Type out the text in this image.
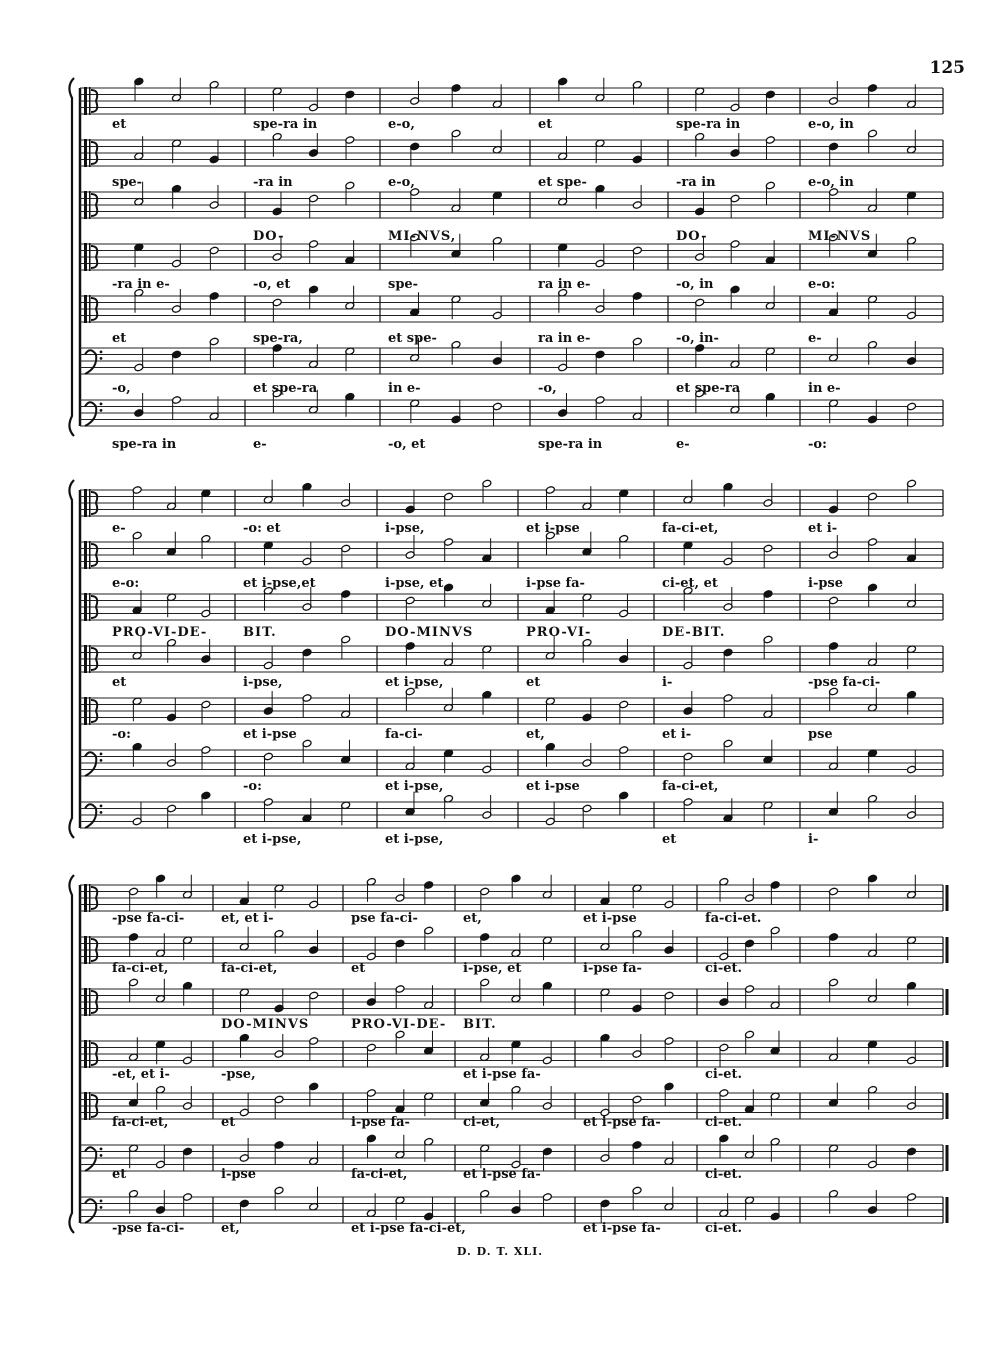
125
et	spe-ra in	e-o,	et	spe-ra in	e-o, in
spe-	-ra in	e-o,	et spe-	-ra in	e-o, in
DO-	MI-NVS,	DO-	MI-NVS
-ra in e-	-o, et	spe-	ra in e-	-o, in	e-o:
et	spe-ra,	et spe-	ra in e-	-o, in-	e-
-o,	et spe-ra	in e-	-o,	et spe-ra	in e-
spe-ra in	e-	-o, et	spe-ra in	e-	-o:
e-	-o: et	i-pse,	et i-pse	fa-ci-et,	et i-
e-o:	et i-pse,et	i-pse, et	i-pse fa-	ci-et, et	i-pse
PRO-VI-DE-	BIT.	DO-MINVS	PRO-VI-	DE-BIT.
et	i-pse,	et i-pse,	et	i-	-pse fa-ci-
-o:	et i-pse	fa-ci-	et,	et i-	pse
-o:	et i-pse,	et i-pse	fa-ci-et,
et i-pse,	et i-pse,	et	i-
-pse fa-ci-	et, et i-	pse fa-ci-	et,	et i-pse	fa-ci-et.
fa-ci-et,	fa-ci-et,	et	i-pse, et	i-pse fa-	ci-et.
DO-MINVS	PRO-VI-DE- BIT.
-et, et i-	-pse,	et i-pse fa-	ci-et.
fa-ci-et,	et	i-pse fa-	ci-et,	et i-pse fa-	ci-et.
et	i-pse	fa-ci-et,	et i-pse fa-	ci-et.
-pse fa-ci-	et,	et i-pse fa-ci-et,	et i-pse fa-	ci-et.
D. D. T. XLI.
